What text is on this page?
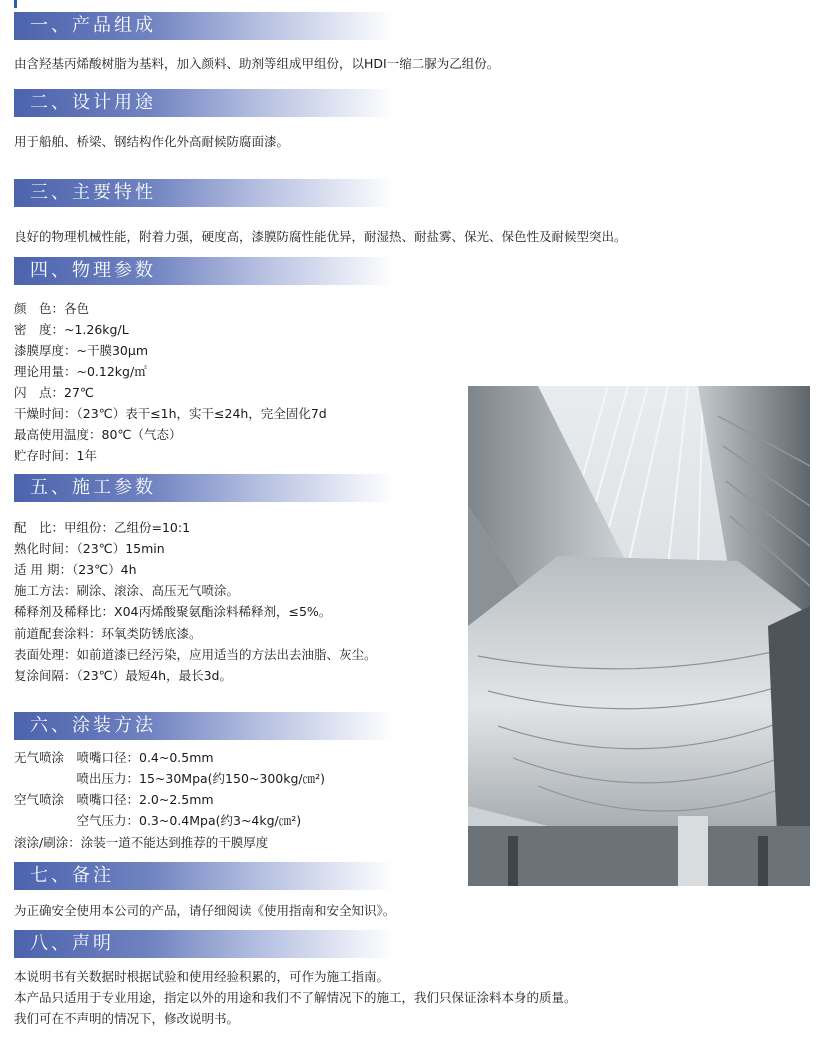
一、产品组成
由含羟基丙烯酸树脂为基料，加入颜料、助剂等组成甲组份，以HDI一缩二脲为乙组份。
二、设计用途
用于船舶、桥梁、钢结构作化外高耐候防腐面漆。
三、主要特性
良好的物理机械性能，附着力强，硬度高，漆膜防腐性能优异，耐湿热、耐盐雾、保光、保色性及耐候型突出。
四、物理参数
颜　色：各色
密　度：~1.26kg/L
漆膜厚度：~干膜30μm
理论用量：~0.12kg/㎡
闪　点：27℃
干燥时间：（23℃）表干≤1h，实干≤24h，完全固化7d
最高使用温度：80℃（气态）
贮存时间：1年
五、施工参数
配　比：甲组份：乙组份=10:1
熟化时间：（23℃）15min
适 用 期：（23℃）4h
施工方法：刷涂、滚涂、高压无气喷涂。
稀释剂及稀释比：X04丙烯酸聚氨酯涂料稀释剂，≤5%。
前道配套涂料：环氧类防锈底漆。
表面处理：如前道漆已经污染，应用适当的方法出去油脂、灰尘。
复涂间隔：（23℃）最短4h，最长3d。
六、涂装方法
无气喷涂　喷嘴口径：0.4~0.5mm
　　　　　喷出压力：15~30Mpa(约150~300kg/㎝²)
空气喷涂　喷嘴口径：2.0~2.5mm
　　　　　空气压力：0.3~0.4Mpa(约3~4kg/㎝²)
滚涂/刷涂：涂装一道不能达到推荐的干膜厚度
七、备注
为正确安全使用本公司的产品，请仔细阅读《使用指南和安全知识》。
八、声明
本说明书有关数据时根据试验和使用经验积累的，可作为施工指南。
本产品只适用于专业用途，指定以外的用途和我们不了解情况下的施工，我们只保证涂料本身的质量。
我们可在不声明的情况下，修改说明书。
